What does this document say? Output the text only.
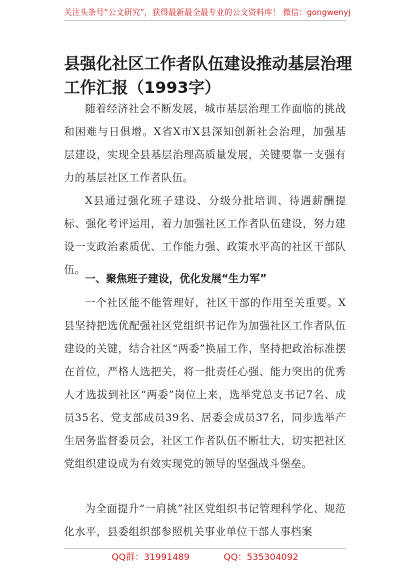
关注头条号“公文研究”，获得最新最全最专业的公文资料库！ 微信：gongwenyj
县强化社区工作者队伍建设推动基层治理工作汇报（1993字）
随着经济社会不断发展，城市基层治理工作面临的挑战和困难与日俱增。X省X市X县深知创新社会治理，加强基层建设，实现全县基层治理高质量发展，关键要靠一支强有力的基层社区工作者队伍。
X县通过强化班子建设、分级分批培训、待遇薪酬提标、强化考评运用，着力加强社区工作者队伍建设，努力建设一支政治素质优、工作能力强、政策水平高的社区干部队伍。
一、聚焦班子建设，优化发展“生力军”
一个社区能不能管理好，社区干部的作用至关重要。X县坚持把选优配强社区党组织书记作为加强社区工作者队伍建设的关键，结合社区“两委”换届工作，坚持把政治标准摆在首位，严格人选把关，将一批责任心强、能力突出的优秀人才选拔到社区“两委”岗位上来，选举党总支书记7名、成员35名、党支部成员39名、居委会成员37名，同步选举产生居务监督委员会，社区工作者队伍不断壮大，切实把社区党组织建设成为有效实现党的领导的坚强战斗堡垒。
为全面提升“一肩挑”社区党组织书记管理科学化、规范化水平，县委组织部参照机关事业单位干部人事档案
QQ群：31991489	QQ：535304092
